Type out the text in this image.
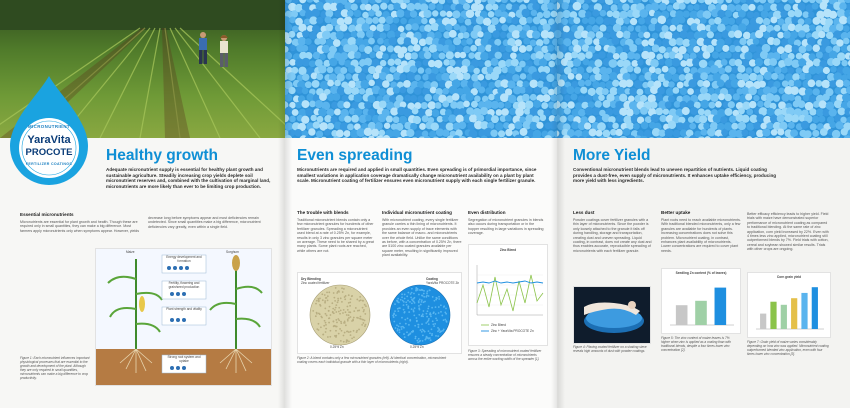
MICRONUTRIENT
YaraVita
PROCOTE
FERTILIZER COATINGS	Healthy growth
Adequate micronutrient supply is essential for healthy plant growth and sustainable agriculture. Steadily increasing crop yields deplete soil micronutrient reserves and, combined with the cultivation of marginal land, micronutrients are more likely than ever to be limiting crop production.
Essential micronutrients
Micronutrients are essential for plant growth and health. Though these are required only in small quantities, they can make a big difference. Most farmers apply micronutrients only when symptoms appear. However, yields
decrease long before symptoms appear and most deficiencies remain undetected. Since small quantities make a big difference, micronutrient deficiencies vary greatly, even within a single field.
Maize	Sorghum
Energy development and formation
Fertility, flowering and grain/seed production
Plant strength and vitality
Strong root system and uptake
Figure 1: Each micronutrient influences important physiological processes that are essential to the growth and development of the plant. Although they are only required in small quantities, micronutrients can make a big difference to crop productivity.
Even spreading
Micronutrients are required and applied in small quantities. Even spreading is of primordial importance, since smallest variations in application coverage dramatically change micronutrient availability on a plant by plant scale. Micronutrient coating of fertilizer ensures even micronutrient supply with each single fertilizer granule.
The trouble with blends
Traditional micronutrient blends contain only a few micronutrient granules for hundreds of other fertilizer granules. Spreading a micronutrient used blend at a rate of 0.25% Zn, for example, results in only 3 zinc granules per square meter on average. These need to be shared by a great many plants. Some plant roots are reached, while others are not.
Individual micronutrient coating
With micronutrient coating, every single fertilizer granule carries a thin lining of micronutrients. It provides an even supply of trace elements with the same balance of macro- and micronutrients over the whole field. Unlike the same conditions as before, with a concentration of 0.25% Zn, there are 5100 zinc coated granules available per square meter, resulting in significantly improved plant availability.
Even distribution
Segregation of micronutrient granules in blends also occurs during transportation or in the hopper resulting in large variations in spreading coverage.
Dry Blending
Zinc coated fertilizer
0.25% Zn
Coating
YaraVita PROCOTE Zn
0.25% Zn
Figure 2: A blend contains only a few micronutrient granules (left). At identical concentration, micronutrient coating covers each individual granule with a thin layer of micronutrients (right).
Zinc Blend
Zinc Blend
Zinc + YaraVita PROCOTE Zn
Figure 3: Spreading of micronutrient coated fertilizer ensures a steady concentration of micronutrients across the entire working width of the spreader [1].
More Yield
Conventional micronutrient blends lead to uneven repartition of nutrients. Liquid coating provides a dust-free, even supply of micronutrients. It enhances uptake efficiency, producing more yield with less ingredients.
Less dust
Powder coatings cover fertilizer granules with a thin layer of micronutrients. Since the powder is only loosely attached to the granule it falls off during handling, storage and transportation, creating dust and uneven spreading. Liquid coating, in contrast, does not create any dust and thus enables accurate, reproducible spreading of micronutrients with each fertilizer granule.
Figure 4: Placing coated fertilizer on a shaking sieve reveals high amounts of dust with powder coatings.
Better uptake
Plant roots need to reach available micronutrients. With traditional blended micronutrients, only a few granules are available for hundreds of plants. Increasing concentrations does not solve this problem. Micronutrient coating, in contrast, enhances plant availability of micronutrients. Lower concentrations are required to cover plant needs.
Seedling Zn content (% of leaves)
Figure 5: The zinc content of maize leaves is 7% higher when zinc is applied as a coating than with traditional blends, despite a four times lower zinc concentration [2].
Better efficacy efficiency leads to higher yield. Field trials with maize have demonstrated superior performance of micronutrient coating as compared to traditional blending. At the same rate of zinc application, corn yield increased by 22%. Even with 4 times less zinc applied, micronutrient coating still outperformed blends by 7%. Field trials with cotton, cereal and soybean showed similar results. Trials with other crops are ongoing.
Corn grain yield
Figure 7: Grain yield of maize varies considerably depending on how zinc was applied. Micronutrient coating outperformed blended zinc application, even with four times lower zinc concentration [3].
